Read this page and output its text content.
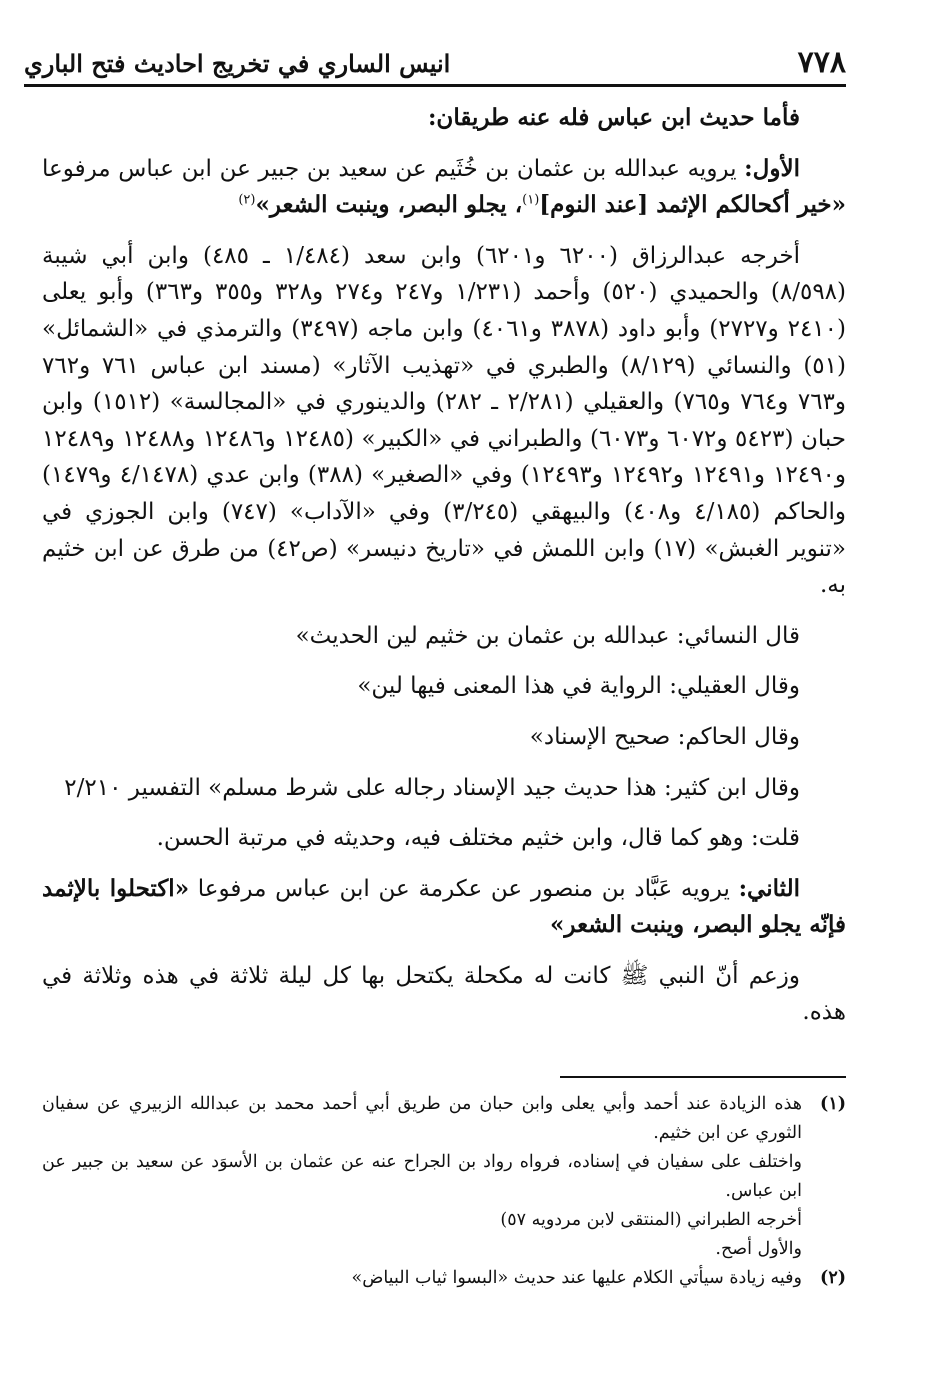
انيس الساري في تخريج احاديث فتح الباري	٧٧٨

فأما حديث ابن عباس فله عنه طريقان:

الأول: يرويه عبدالله بن عثمان بن خُثَيم عن سعيد بن جبير عن ابن عباس مرفوعا «خير أكحالكم الإثمد [عند النوم]$^{(١)}$، يجلو البصر، وينبت الشعر»$^{(٢)}$

أخرجه عبدالرزاق (٦٢٠٠ و٦٢٠١) وابن سعد (١/٤٨٤ ـ ٤٨٥) وابن أبي شيبة (٨/٥٩٨) والحميدي (٥٢٠) وأحمد (١/٢٣١ و٢٤٧ و٢٧٤ و٣٢٨ و٣٥٥ و٣٦٣) وأبو يعلى (٢٤١٠ و٢٧٢٧) وأبو داود (٣٨٧٨ و٤٠٦١) وابن ماجه (٣٤٩٧) والترمذي في «الشمائل» (٥١) والنسائي (٨/١٢٩) والطبري في «تهذيب الآثار» (مسند ابن عباس ٧٦١ و٧٦٢ و٧٦٣ و٧٦٤ و٧٦٥) والعقيلي (٢/٢٨١ ـ ٢٨٢) والدينوري في «المجالسة» (١٥١٢) وابن حبان (٥٤٢٣ و٦٠٧٢ و٦٠٧٣) والطبراني في «الكبير» (١٢٤٨٥ و١٢٤٨٦ و١٢٤٨٨ و١٢٤٨٩ و١٢٤٩٠ و١٢٤٩١ و١٢٤٩٢ و١٢٤٩٣) وفي «الصغير» (٣٨٨) وابن عدي (٤/١٤٧٨ و١٤٧٩) والحاكم (٤/١٨٥ و٤٠٨) والبيهقي (٣/٢٤٥) وفي «الآداب» (٧٤٧) وابن الجوزي في «تنوير الغبش» (١٧) وابن اللمش في «تاريخ دنيسر» (ص٤٢) من طرق عن ابن خثيم به.

قال النسائي: عبدالله بن عثمان بن خثيم لين الحديث»

وقال العقيلي: الرواية في هذا المعنى فيها لين»

وقال الحاكم: صحيح الإسناد»

وقال ابن كثير: هذا حديث جيد الإسناد رجاله على شرط مسلم» التفسير ٢/٢١٠

قلت: وهو كما قال، وابن خثيم مختلف فيه، وحديثه في مرتبة الحسن.

الثاني: يرويه عَبَّاد بن منصور عن عكرمة عن ابن عباس مرفوعا «اكتحلوا بالإثمد فإنّه يجلو البصر، وينبت الشعر»

وزعم أنّ النبي ﷺ كانت له مكحلة يكتحل بها كل ليلة ثلاثة في هذه وثلاثة في هذه.

(١)
هذه الزيادة عند أحمد وأبي يعلى وابن حبان من طريق أبي أحمد محمد بن عبدالله الزبيري عن سفيان الثوري عن ابن خثيم.
واختلف على سفيان في إسناده، فرواه رواد بن الجراح عنه عن عثمان بن الأسوَد عن سعيد بن جبير عن ابن عباس.
أخرجه الطبراني (المنتقى لابن مردويه ٥٧)
والأول أصح.
(٢)
وفيه زيادة سيأتي الكلام عليها عند حديث «البسوا ثياب البياض»
